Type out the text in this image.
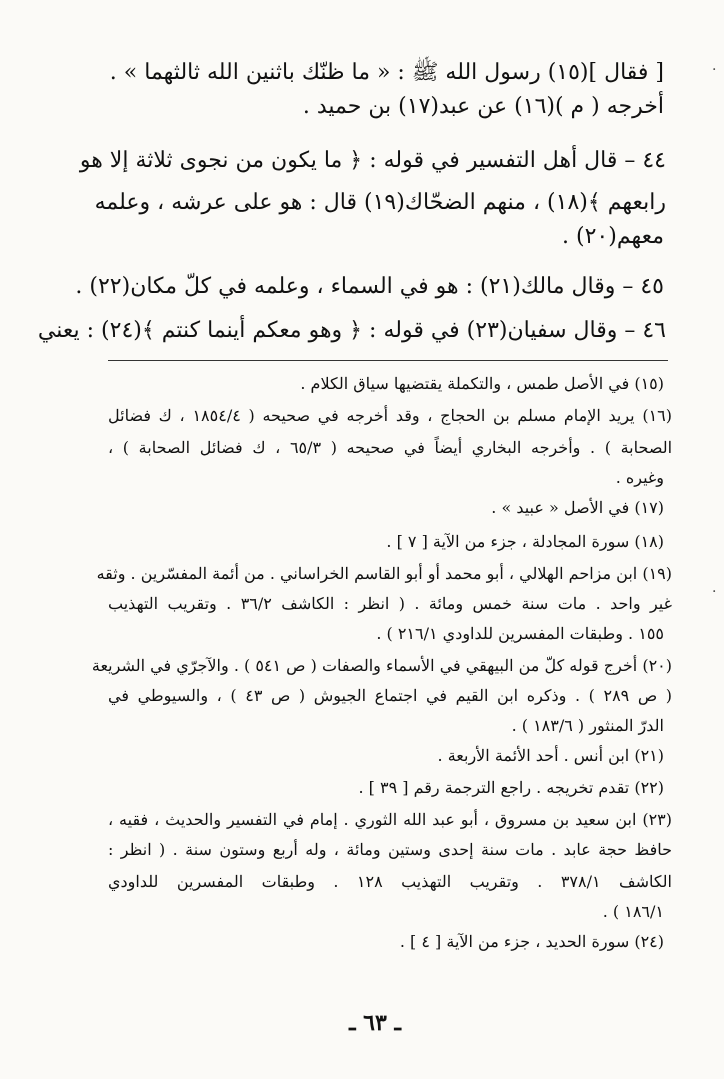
[ فقال ](١٥) رسول الله ﷺ : « ما ظنّك باثنين الله ثالثهما » .
أخرجه ( م )(١٦) عن عبد(١٧) بن حميد .
٤٤ – قال أهل التفسير في قوله : ﴿ ما يكون من نجوى ثلاثة إلا هو
رابعهم ﴾(١٨) ، منهم الضحّاك(١٩) قال : هو على عرشه ، وعلمه
معهم(٢٠) .
٤٥ – وقال مالك(٢١) : هو في السماء ، وعلمه في كلّ مكان(٢٢) .
٤٦ – وقال سفيان(٢٣) في قوله : ﴿ وهو معكم أينما كنتم ﴾(٢٤) : يعني
(١٥) في الأصل طمس ، والتكملة يقتضيها سياق الكلام .
(١٦) يريد الإمام مسلم بن الحجاج ، وقد أخرجه في صحيحه ( ١٨٥٤/٤ ، ك فضائل
الصحابة ) . وأخرجه البخاري أيضاً في صحيحه ( ٦٥/٣ ، ك فضائل الصحابة ) ،
وغيره .
(١٧) في الأصل « عبيد » .
(١٨) سورة المجادلة ، جزء من الآية [ ٧ ] .
(١٩) ابن مزاحم الهلالي ، أبو محمد أو أبو القاسم الخراساني . من أئمة المفسّرين . وثقه
غير واحد . مات سنة خمس ومائة . ( انظر : الكاشف ٣٦/٢ . وتقريب التهذيب
١٥٥ . وطبقات المفسرين للداودي ٢١٦/١ ) .
(٢٠) أخرج قوله كلّ من البيهقي في الأسماء والصفات ( ص ٥٤١ ) . والآجرّي في الشريعة
( ص ٢٨٩ ) . وذكره ابن القيم في اجتماع الجيوش ( ص ٤٣ ) ، والسيوطي في
الدرّ المنثور ( ١٨٣/٦ ) .
(٢١) ابن أنس . أحد الأئمة الأربعة .
(٢٢) تقدم تخريجه . راجع الترجمة رقم [ ٣٩ ] .
(٢٣) ابن سعيد بن مسروق ، أبو عبد الله الثوري . إمام في التفسير والحديث ، فقيه ،
حافظ حجة عابد . مات سنة إحدى وستين ومائة ، وله أربع وستون سنة . ( انظر :
الكاشف ٣٧٨/١ . وتقريب التهذيب ١٢٨ . وطبقات المفسرين للداودي
١٨٦/١ ) .
(٢٤) سورة الحديد ، جزء من الآية [ ٤ ] .
ـ ٦٣ ـ
·
·
